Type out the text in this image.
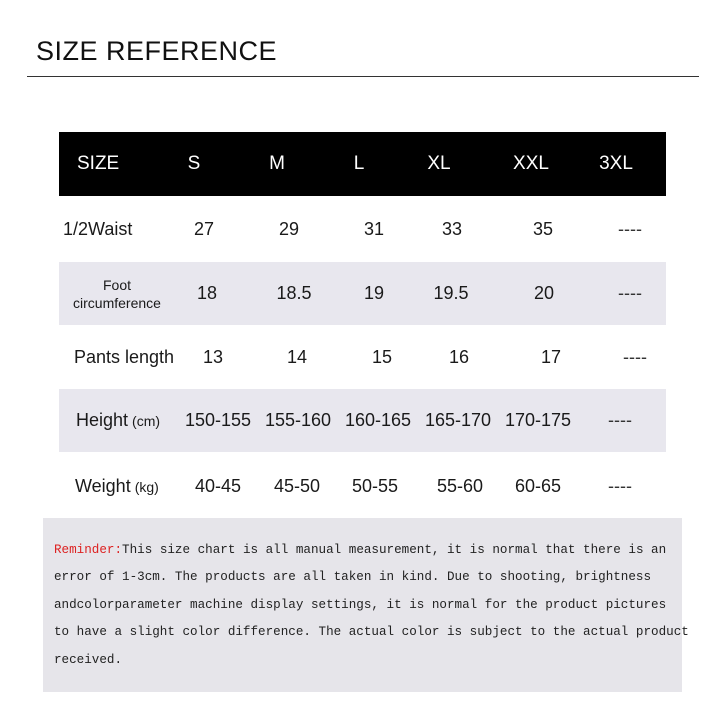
SIZE REFERENCE
SIZE	S	M	L	XL	XXL	3XL
1/2Waist	27	29	31	33	35	----
Foot
circumference	18	18.5	19	19.5	20	----
Pants length	13	14	15	16	17	----
Height (cm) 150-155 155-160 160-165 165-170 170-175	----
Weight (kg)	40-45	45-50	50-55	55-60	60-65	----
Reminder:This size chart is all manual measurement, it is normal that there is an
error of 1-3cm. The products are all taken in kind. Due to shooting, brightness
andcolorparameter machine display settings, it is normal for the product pictures
to have a slight color difference. The actual color is subject to the actual product
received.
